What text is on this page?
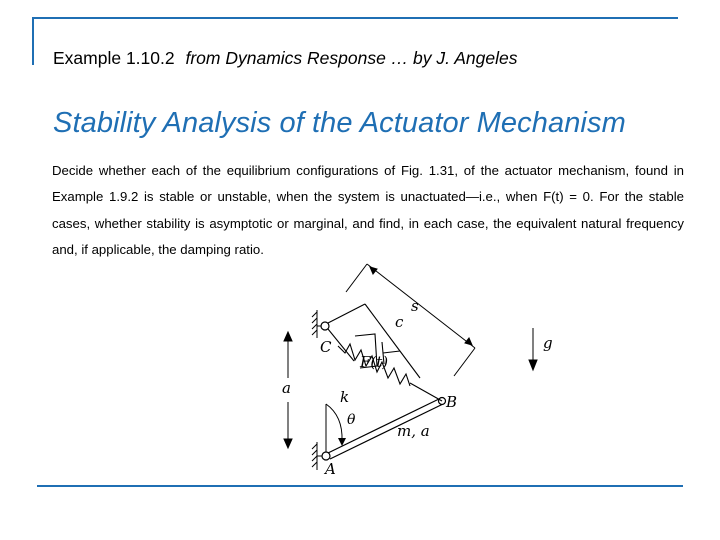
Example 1.10.2 from Dynamics Response … by J. Angeles
Stability Analysis of the Actuator Mechanism
Decide whether each of the equilibrium configurations of Fig. 1.31, of the actuator mechanism, found in Example 1.9.2 is stable or unstable, when the system is unactuated—i.e., when F(t) = 0. For the stable cases, whether stability is asymptotic or marginal, and find, in each case, the equivalent natural frequency and, if applicable, the damping ratio.
a
θ
c
k
F(t)
s
g
C
B
m, a
A
